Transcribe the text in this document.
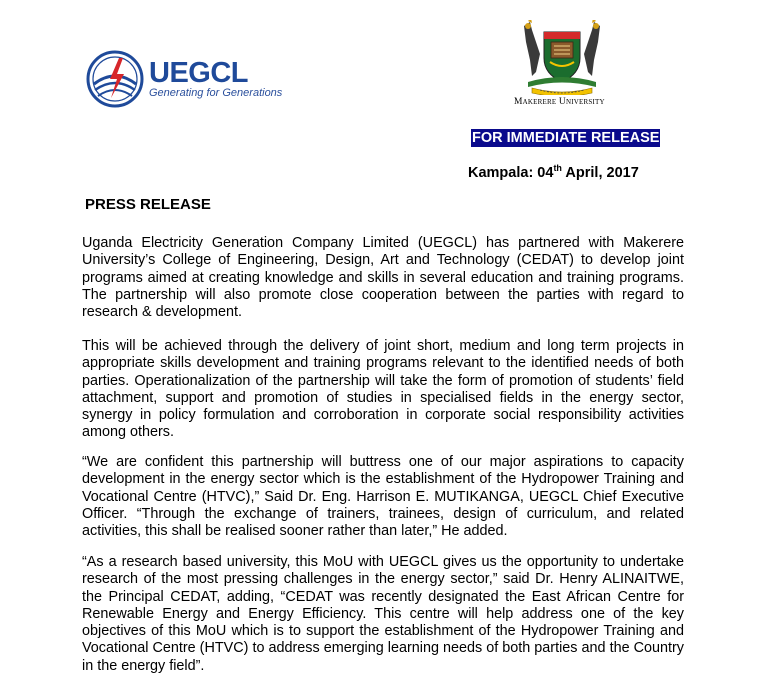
UEGCL
Generating for Generations
Makerere University
FOR IMMEDIATE RELEASE
Kampala: 04th April, 2017
PRESS RELEASE

Uganda Electricity Generation Company Limited (UEGCL) has partnered with Makerere University’s College of Engineering, Design, Art and Technology (CEDAT) to develop joint programs aimed at creating knowledge and skills in several education and training programs. The partnership will also promote close cooperation between the parties with regard to research & development.

This will be achieved through the delivery of joint short, medium and long term projects in appropriate skills development and training programs relevant to the identified needs of both parties. Operationalization of the partnership will take the form of promotion of students’ field attachment, support and promotion of studies in specialised fields in the energy sector, synergy in policy formulation and corroboration in corporate social responsibility activities among others.

“We are confident this partnership will buttress one of our major aspirations to capacity development in the energy sector which is the establishment of the Hydropower Training and Vocational Centre (HTVC),” Said Dr. Eng. Harrison E. MUTIKANGA, UEGCL Chief Executive Officer. “Through the exchange of trainers, trainees, design of curriculum, and related activities, this shall be realised sooner rather than later,” He added.

“As a research based university, this MoU with UEGCL gives us the opportunity to undertake research of the most pressing challenges in the energy sector,” said Dr. Henry ALINAITWE, the Principal CEDAT, adding, “CEDAT was recently designated the East African Centre for Renewable Energy and Energy Efficiency. This centre will help address one of the key objectives of this MoU which is to support the establishment of the Hydropower Training and Vocational Centre (HTVC) to address emerging learning needs of both parties and the Country in the energy field”.
